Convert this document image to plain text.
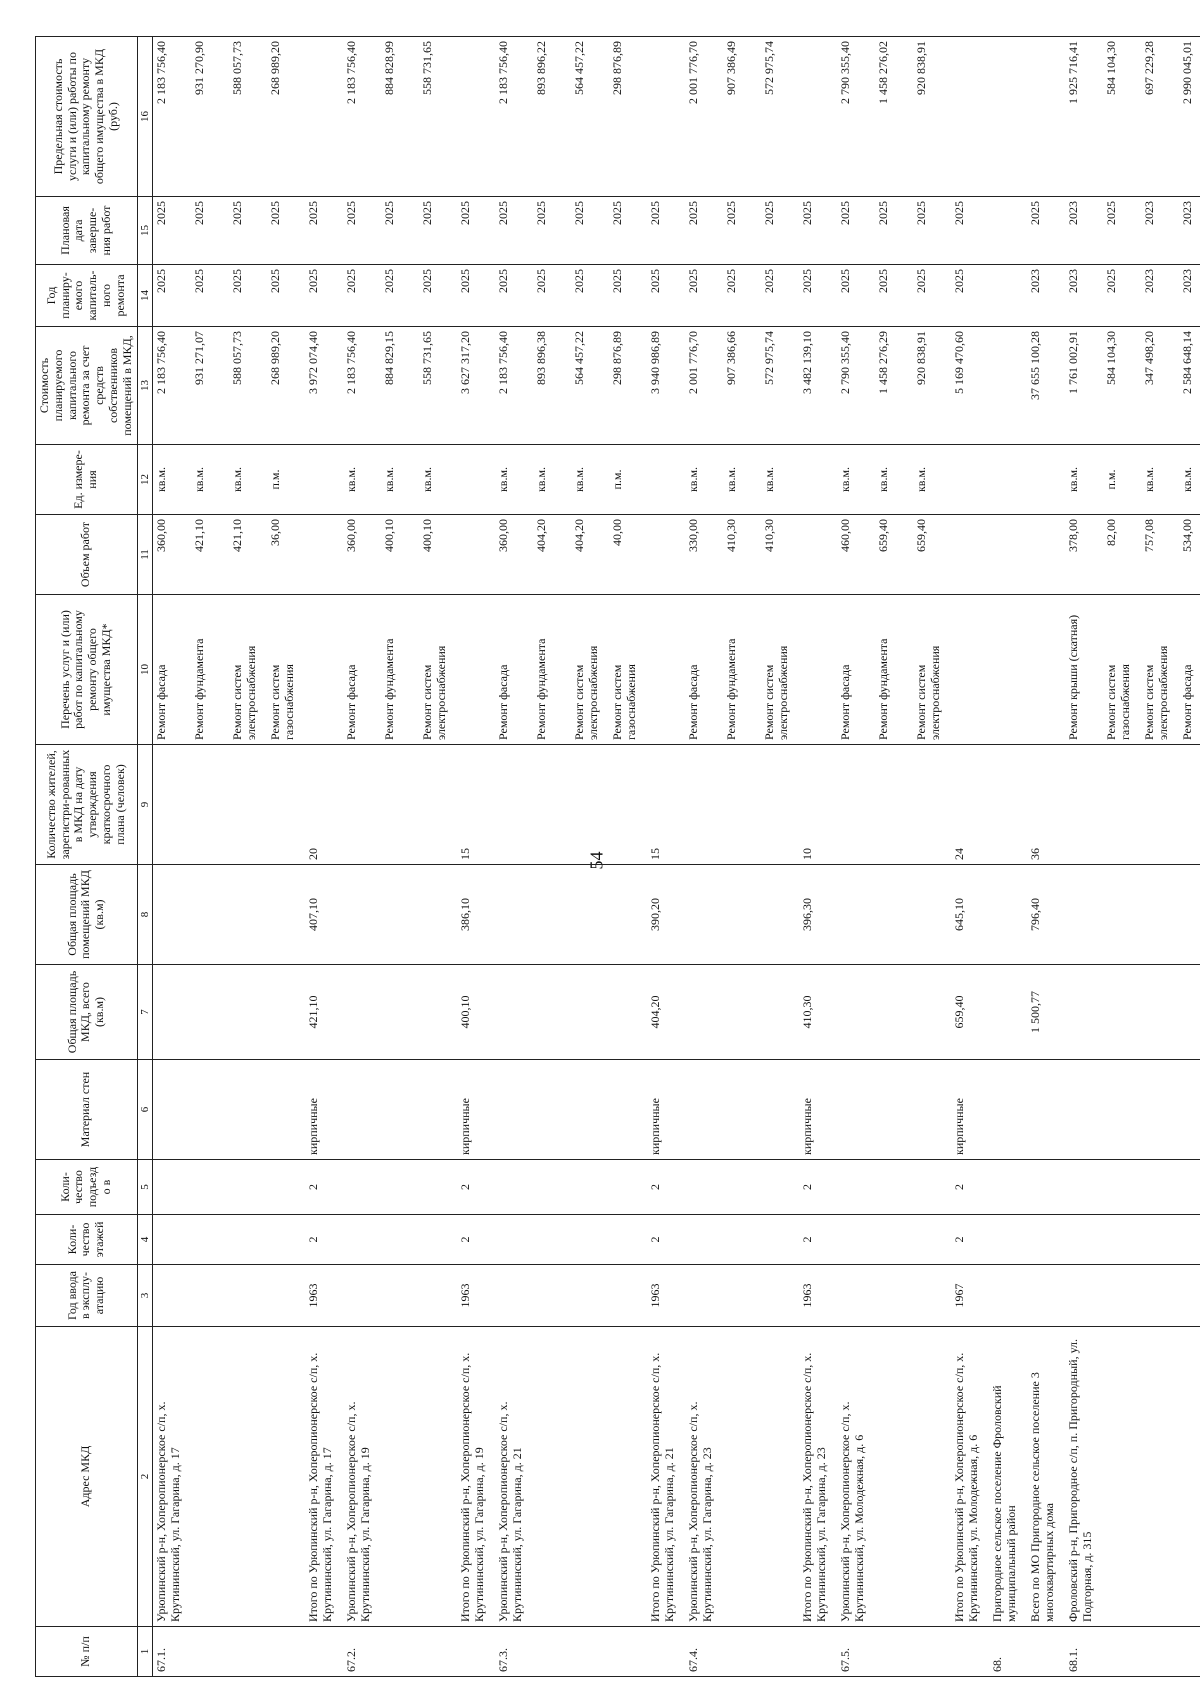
54
№ п/п	Адрес МКД	Год ввода в эксплу-атацию	Коли-чество этажей	Коли-чество подъездо в	Материал стен	Общая площадь МКД, всего (кв.м)	Общая площадь помещений МКД (кв.м)	Количество жителей, зарегистри-рованных в МКД на дату утверждения краткосрочного плана (человек)	Перечень услуг и (или) работ по капитальному ремонту общего имущества МКД*	Объем работ	Ед. измере-ния	Стоимость планируемого капитального ремонта за счет средств собственников помещений в МКД,	Год планиру-емого капиталь-ного ремонта	Плановая дата заверше-ния работ	Предельная стоимость услуги и (или) работы по капитальному ремонту общего имущества в МКД (руб.)
1	2	3	4	5	6	7	8	9	10	11	12	13	14	15	16
67.1.	Урюпинский р-н, Хоперопионерское с/п, х. Крутининский, ул. Гагарина, д. 17								Ремонт фасада	360,00	кв.м.	2 183 756,40	2025	2025	2 183 756,40
									Ремонт фундамента	421,10	кв.м.	931 271,07	2025	2025	931 270,90
									Ремонт систем электроснабжения	421,10	кв.м.	588 057,73	2025	2025	588 057,73
									Ремонт систем газоснабжения	36,00	п.м.	268 989,20	2025	2025	268 989,20
	Итого по Урюпинский р-н, Хоперопионерское с/п, х. Крутининский, ул. Гагарина, д. 17	1963	2	2	кирпичные	421,10	407,10	20				3 972 074,40	2025	2025	
67.2.	Урюпинский р-н, Хоперопионерское с/п, х. Крутининский, ул. Гагарина, д. 19								Ремонт фасада	360,00	кв.м.	2 183 756,40	2025	2025	2 183 756,40
									Ремонт фундамента	400,10	кв.м.	884 829,15	2025	2025	884 828,99
									Ремонт систем электроснабжения	400,10	кв.м.	558 731,65	2025	2025	558 731,65
	Итого по Урюпинский р-н, Хоперопионерское с/п, х. Крутининский, ул. Гагарина, д. 19	1963	2	2	кирпичные	400,10	386,10	15				3 627 317,20	2025	2025	
67.3.	Урюпинский р-н, Хоперопионерское с/п, х. Крутининский, ул. Гагарина, д. 21								Ремонт фасада	360,00	кв.м.	2 183 756,40	2025	2025	2 183 756,40
									Ремонт фундамента	404,20	кв.м.	893 896,38	2025	2025	893 896,22
									Ремонт систем электроснабжения	404,20	кв.м.	564 457,22	2025	2025	564 457,22
									Ремонт систем газоснабжения	40,00	п.м.	298 876,89	2025	2025	298 876,89
	Итого по Урюпинский р-н, Хоперопионерское с/п, х. Крутининский, ул. Гагарина, д. 21	1963	2	2	кирпичные	404,20	390,20	15				3 940 986,89	2025	2025	
67.4.	Урюпинский р-н, Хоперопионерское с/п, х. Крутининский, ул. Гагарина, д. 23								Ремонт фасада	330,00	кв.м.	2 001 776,70	2025	2025	2 001 776,70
									Ремонт фундамента	410,30	кв.м.	907 386,66	2025	2025	907 386,49
									Ремонт систем электроснабжения	410,30	кв.м.	572 975,74	2025	2025	572 975,74
	Итого по Урюпинский р-н, Хоперопионерское с/п, х. Крутининский, ул. Гагарина, д. 23	1963	2	2	кирпичные	410,30	396,30	10				3 482 139,10	2025	2025	
67.5.	Урюпинский р-н, Хоперопионерское с/п, х. Крутининский, ул. Молодежная, д. 6								Ремонт фасада	460,00	кв.м.	2 790 355,40	2025	2025	2 790 355,40
									Ремонт фундамента	659,40	кв.м.	1 458 276,29	2025	2025	1 458 276,02
									Ремонт систем электроснабжения	659,40	кв.м.	920 838,91	2025	2025	920 838,91
	Итого по Урюпинский р-н, Хоперопионерское с/п, х. Крутининский, ул. Молодежная, д. 6	1967	2	2	кирпичные	659,40	645,10	24				5 169 470,60	2025	2025	
68.	Пригородное сельское поселение Фроловский муниципальный район														
	Всего по МО Пригородное сельское поселение 3 многоквартирных дома					1 500,77	796,40	36				37 655 100,28	2023	2025	
68.1.	Фроловский р-н, Пригородное с/п, п. Пригородный, ул. Подгорная, д. 315								Ремонт крыши (скатная)	378,00	кв.м.	1 761 002,91	2023	2023	1 925 716,41
									Ремонт систем газоснабжения	82,00	п.м.	584 104,30	2025	2025	584 104,30
									Ремонт систем электроснабжения	757,08	кв.м.	347 498,20	2023	2023	697 229,28
									Ремонт фасада	534,00	кв.м.	2 584 648,14	2023	2023	2 990 045,01
